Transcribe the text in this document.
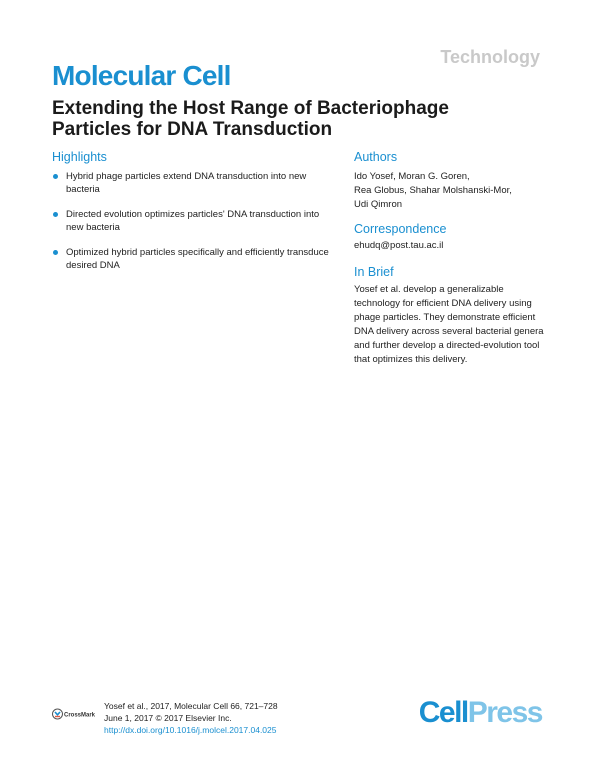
Technology
Molecular Cell
Extending the Host Range of Bacteriophage Particles for DNA Transduction
Highlights
Hybrid phage particles extend DNA transduction into new bacteria
Directed evolution optimizes particles' DNA transduction into new bacteria
Optimized hybrid particles specifically and efficiently transduce desired DNA
Authors
Ido Yosef, Moran G. Goren,
Rea Globus, Shahar Molshanski-Mor,
Udi Qimron
Correspondence
ehudq@post.tau.ac.il
In Brief
Yosef et al. develop a generalizable technology for efficient DNA delivery using phage particles. They demonstrate efficient DNA delivery across several bacterial genera and further develop a directed-evolution tool that optimizes this delivery.
CrossMark
Yosef et al., 2017, Molecular Cell 66, 721–728
June 1, 2017 © 2017 Elsevier Inc.
http://dx.doi.org/10.1016/j.molcel.2017.04.025
CellPress
